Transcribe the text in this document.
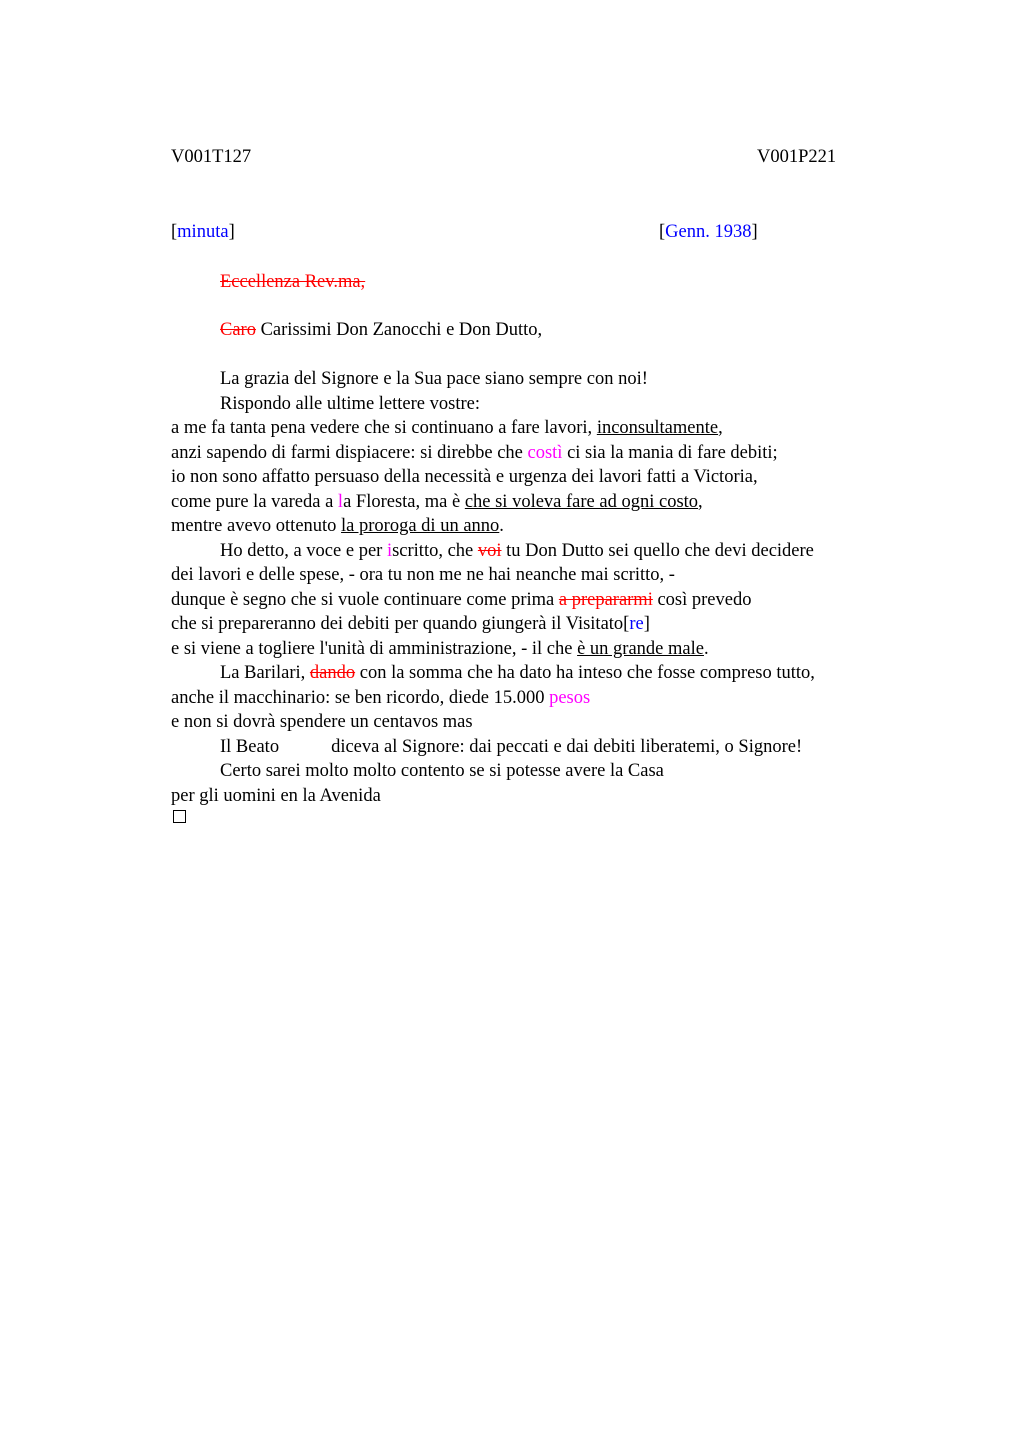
V001T127	V001P221
[minuta]	[Genn. 1938]
Eccellenza Rev.ma,
Caro Carissimi Don Zanocchi e Don Dutto,
La grazia del Signore e la Sua pace siano sempre con noi!
Rispondo alle ultime lettere vostre:
a me fa tanta pena vedere che si continuano a fare lavori, inconsultamente,
anzi sapendo di farmi dispiacere: si direbbe che costì ci sia la mania di fare debiti;
io non sono affatto persuaso della necessità e urgenza dei lavori fatti a Victoria,
come pure la vareda a la Floresta, ma è che si voleva fare ad ogni costo,
mentre avevo ottenuto la proroga di un anno.
Ho detto, a voce e per iscritto, che voi tu Don Dutto sei quello che devi decidere
dei lavori e delle spese, - ora tu non me ne hai neanche mai scritto, -
dunque è segno che si vuole continuare come prima a prepararmi così prevedo
che si prepareranno dei debiti per quando giungerà il Visitato[re]
e si viene a togliere l'unità di amministrazione, - il che è un grande male.
La Barilari, dando con la somma che ha dato ha inteso che fosse compreso tutto,
anche il macchinario: se ben ricordo, diede 15.000 pesos
e non si dovrà spendere un centavos mas
Il Beato	diceva al Signore: dai peccati e dai debiti liberatemi, o Signore!
Certo sarei molto molto contento se si potesse avere la Casa
per gli uomini en la Avenida
